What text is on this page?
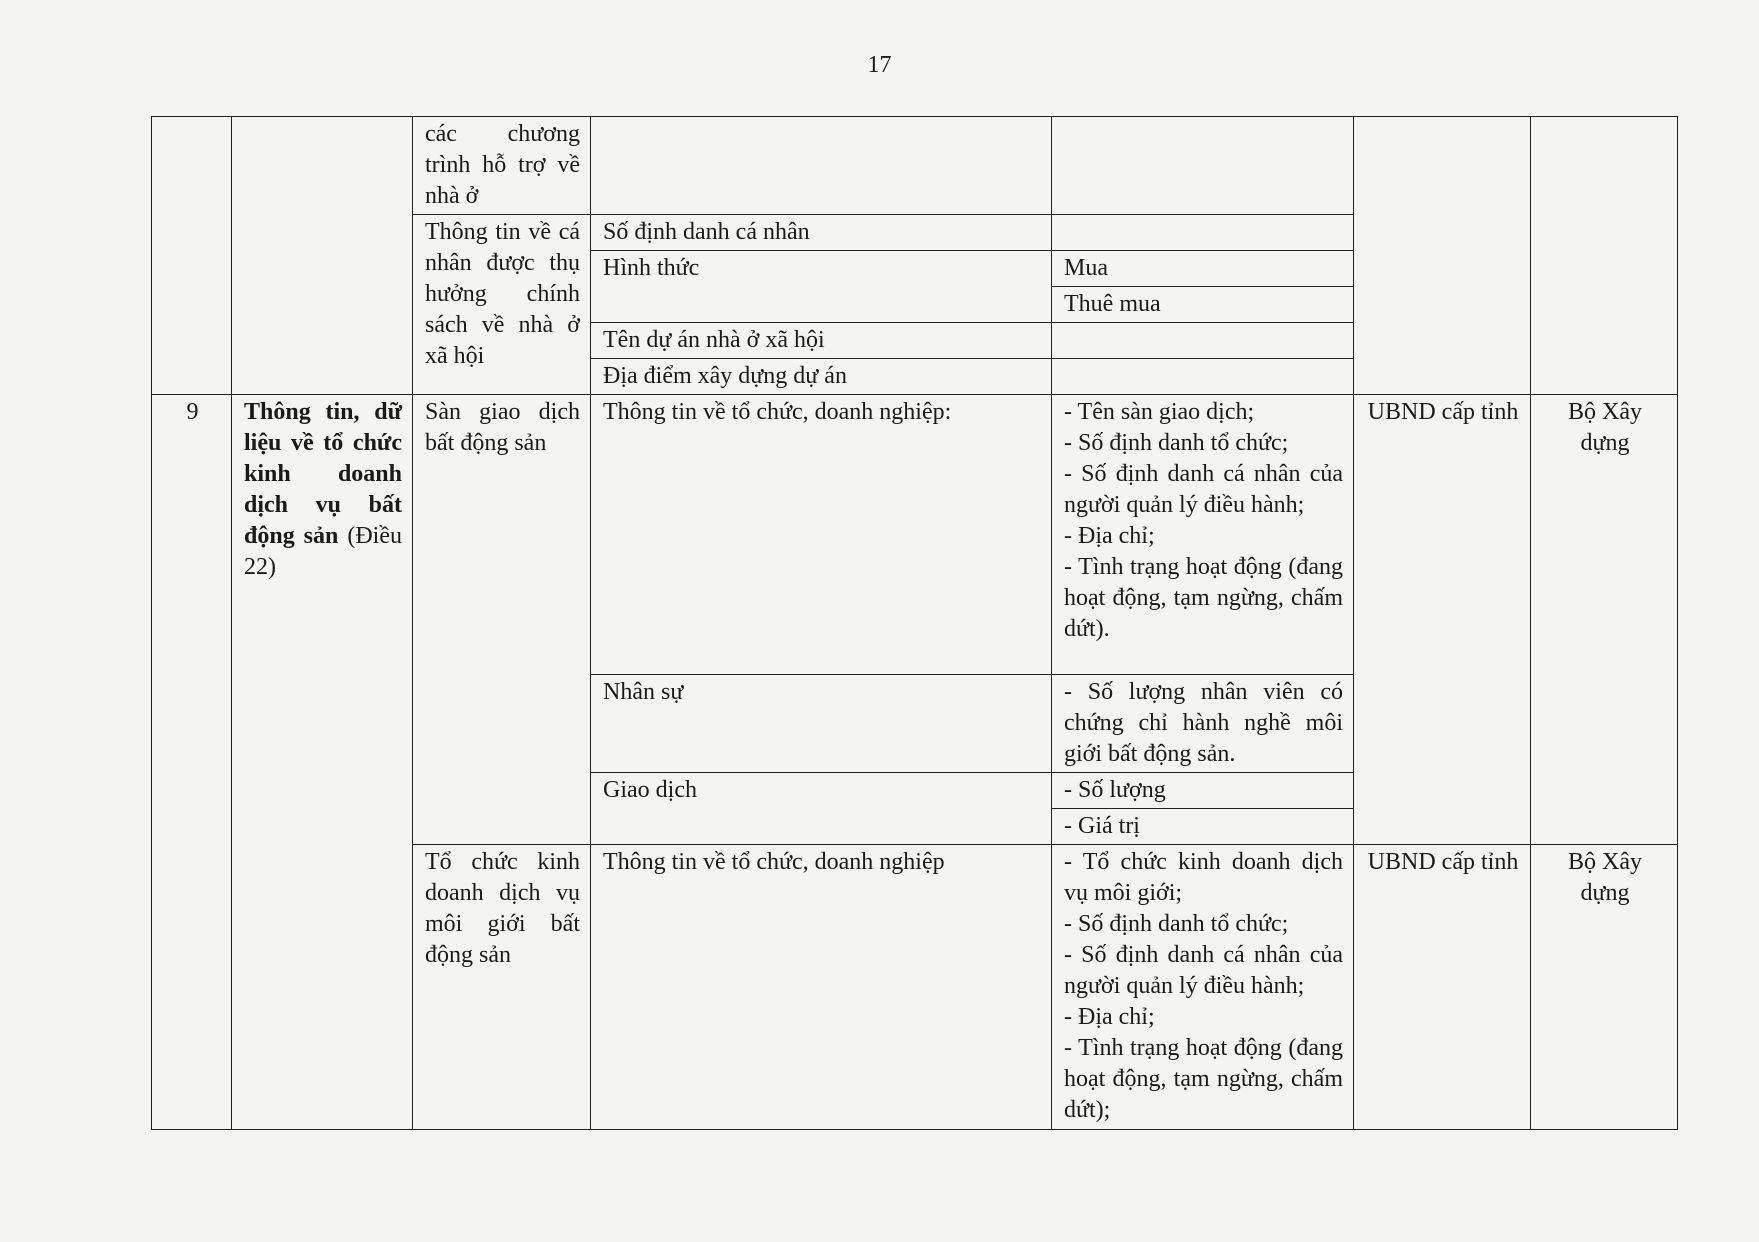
17
		các chương trình hỗ trợ về nhà ở				
		Thông tin về cá nhân được thụ hưởng chính sách về nhà ở xã hội	Số định danh cá nhân			
			Hình thức	Mua		
				Thuê mua		
			Tên dự án nhà ở xã hội			
			Địa điểm xây dựng dự án			

9	Thông tin, dữ liệu về tổ chức kinh doanh dịch vụ bất động sản (Điều 22)	Sàn giao dịch bất động sản	Thông tin về tổ chức, doanh nghiệp:	- Tên sàn giao dịch;
- Số định danh tổ chức;
- Số định danh cá nhân của người quản lý điều hành;
- Địa chỉ;
- Tình trạng hoạt động (đang hoạt động, tạm ngừng, chấm dứt).	UBND cấp tỉnh	Bộ Xây dựng
			Nhân sự	- Số lượng nhân viên có chứng chỉ hành nghề môi giới bất động sản.		
			Giao dịch	- Số lượng		
				- Giá trị		
		Tổ chức kinh doanh dịch vụ môi giới bất động sản	Thông tin về tổ chức, doanh nghiệp	- Tổ chức kinh doanh dịch vụ môi giới;
- Số định danh tổ chức;
- Số định danh cá nhân của người quản lý điều hành;
- Địa chỉ;
- Tình trạng hoạt động (đang hoạt động, tạm ngừng, chấm dứt);	UBND cấp tỉnh	Bộ Xây dựng
